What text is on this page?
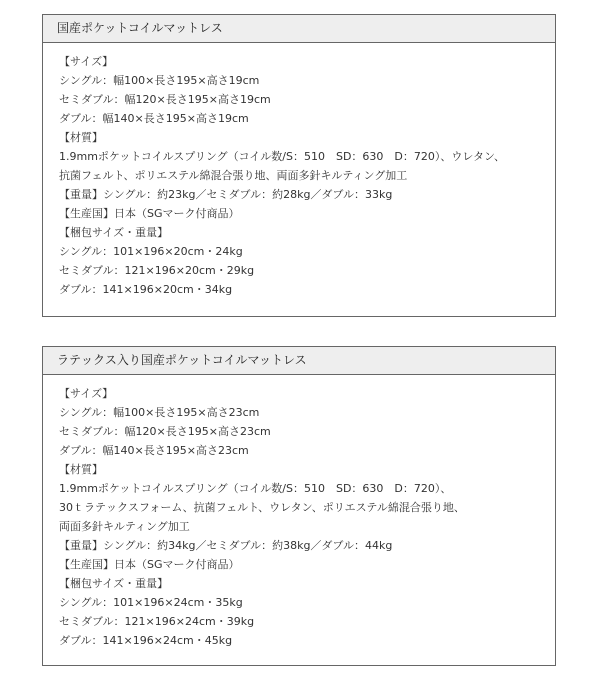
国産ポケットコイルマットレス
【サイズ】
シングル：幅100×長さ195×高さ19cm
セミダブル：幅120×長さ195×高さ19cm
ダブル：幅140×長さ195×高さ19cm
【材質】
1.9mmポケットコイルスプリング（コイル数/S：510　SD：630　D：720）、ウレタン、
抗菌フェルト、ポリエステル綿混合張り地、両面多針キルティング加工
【重量】シングル：約23kg／セミダブル：約28kg／ダブル：33kg
【生産国】日本（SGマーク付商品）
【梱包サイズ・重量】
シングル：101×196×20cm・24kg
セミダブル：121×196×20cm・29kg
ダブル：141×196×20cm・34kg
ラテックス入り国産ポケットコイルマットレス
【サイズ】
シングル：幅100×長さ195×高さ23cm
セミダブル：幅120×長さ195×高さ23cm
ダブル：幅140×長さ195×高さ23cm
【材質】
1.9mmポケットコイルスプリング（コイル数/S：510　SD：630　D：720）、
30ｔラテックスフォーム、抗菌フェルト、ウレタン、ポリエステル綿混合張り地、
両面多針キルティング加工
【重量】シングル：約34kg／セミダブル：約38kg／ダブル：44kg
【生産国】日本（SGマーク付商品）
【梱包サイズ・重量】
シングル：101×196×24cm・35kg
セミダブル：121×196×24cm・39kg
ダブル：141×196×24cm・45kg
